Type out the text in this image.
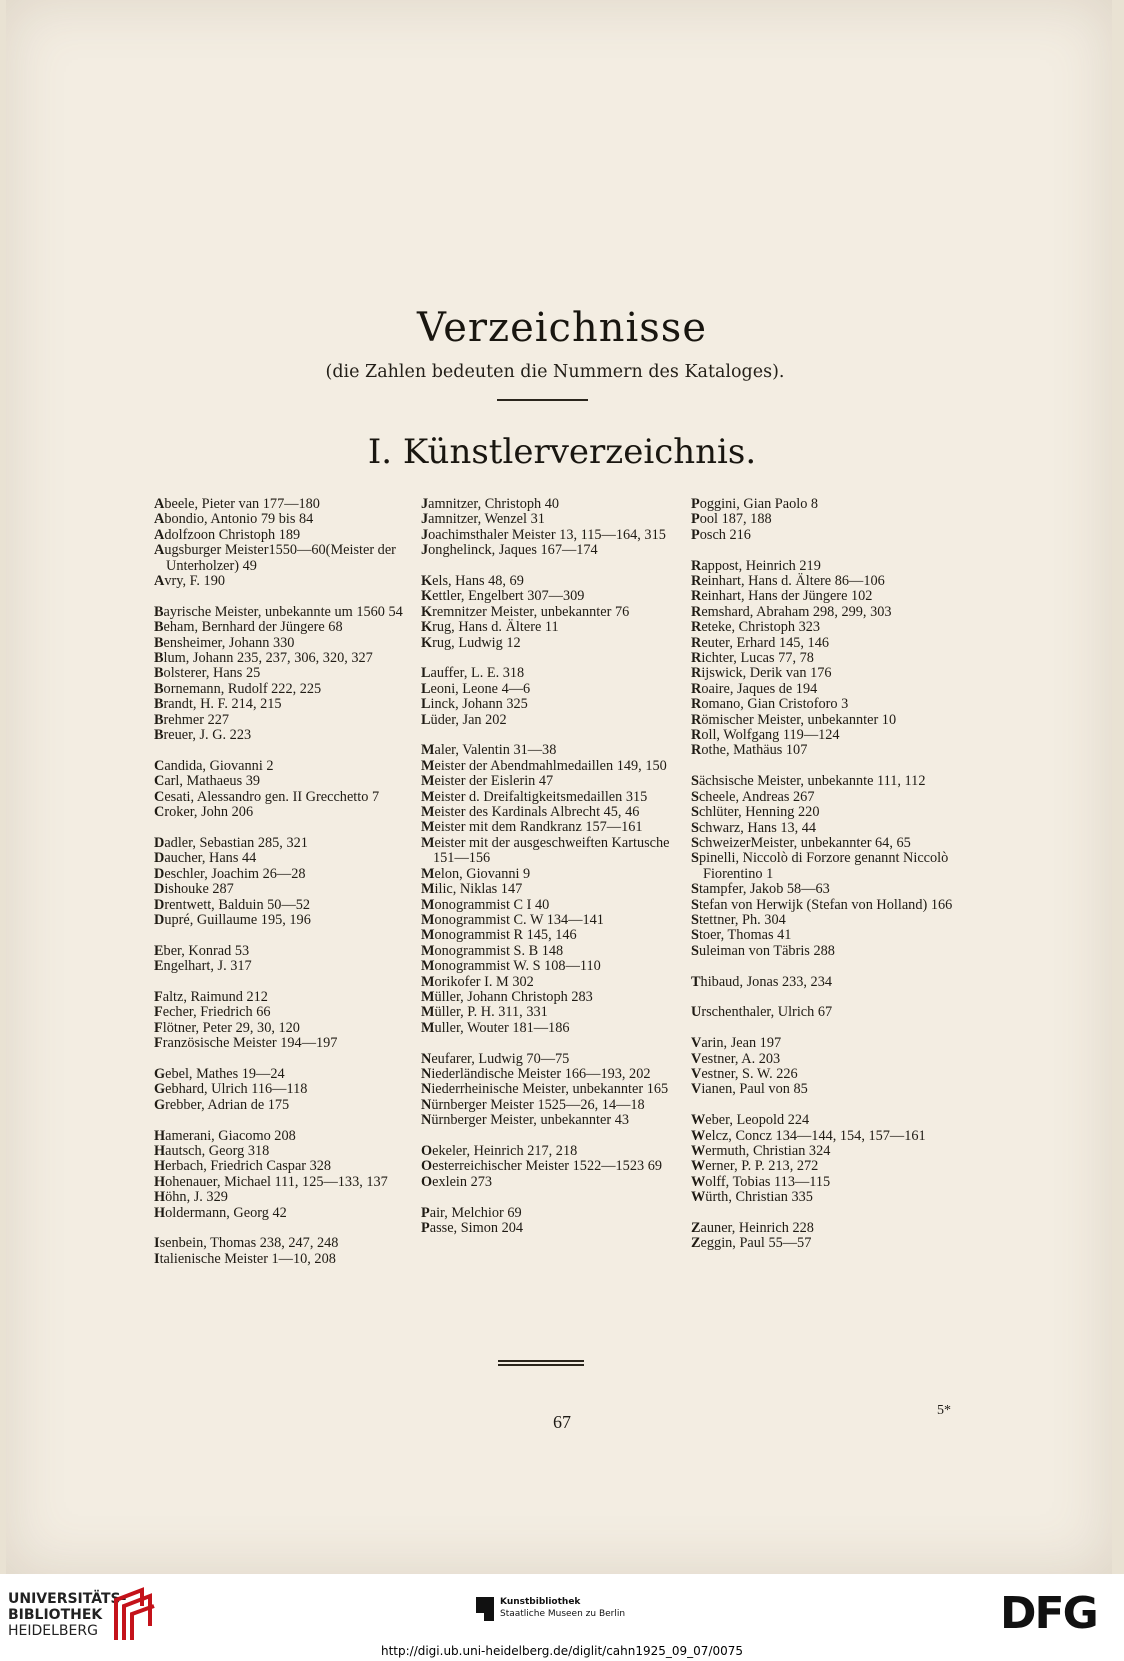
Verzeichnisse
(die Zahlen bedeuten die Nummern des Kataloges).
I. Künstlerverzeichnis.
Abeele, Pieter van 177—180
Abondio, Antonio 79 bis 84
Adolfzoon Christoph 189
Augsburger Meister1550—60(Meister der Unterholzer) 49
Avry, F. 190
Bayrische Meister, unbekannte um 1560 54
Beham, Bernhard der Jüngere 68
Bensheimer, Johann 330
Blum, Johann 235, 237, 306, 320, 327
Bolsterer, Hans 25
Bornemann, Rudolf 222, 225
Brandt, H. F. 214, 215
Brehmer 227
Breuer, J. G. 223
Candida, Giovanni 2
Carl, Mathaeus 39
Cesati, Alessandro gen. II Grecchetto 7
Croker, John 206
Dadler, Sebastian 285, 321
Daucher, Hans 44
Deschler, Joachim 26—28
Dishouke 287
Drentwett, Balduin 50—52
Dupré, Guillaume 195, 196
Eber, Konrad 53
Engelhart, J. 317
Faltz, Raimund 212
Fecher, Friedrich 66
Flötner, Peter 29, 30, 120
Französische Meister 194—197
Gebel, Mathes 19—24
Gebhard, Ulrich 116—118
Grebber, Adrian de 175
Hamerani, Giacomo 208
Hautsch, Georg 318
Herbach, Friedrich Caspar 328
Hohenauer, Michael 111, 125—133, 137
Höhn, J. 329
Holdermann, Georg 42
Isenbein, Thomas 238, 247, 248
Italienische Meister 1—10, 208
Jamnitzer, Christoph 40
Jamnitzer, Wenzel 31
Joachimsthaler Meister 13, 115—164, 315
Jonghelinck, Jaques 167—174
Kels, Hans 48, 69
Kettler, Engelbert 307—309
Kremnitzer Meister, unbekannter 76
Krug, Hans d. Ältere 11
Krug, Ludwig 12
Lauffer, L. E. 318
Leoni, Leone 4—6
Linck, Johann 325
Lüder, Jan 202
Maler, Valentin 31—38
Meister der Abendmahlmedaillen 149, 150
Meister der Eislerin 47
Meister d. Dreifaltigkeitsmedaillen 315
Meister des Kardinals Albrecht 45, 46
Meister mit dem Randkranz 157—161
Meister mit der ausgeschweiften Kartusche 151—156
Melon, Giovanni 9
Milic, Niklas 147
Monogrammist C I 40
Monogrammist C. W 134—141
Monogrammist R 145, 146
Monogrammist S. B 148
Monogrammist W. S 108—110
Morikofer I. M 302
Müller, Johann Christoph 283
Müller, P. H. 311, 331
Muller, Wouter 181—186
Neufarer, Ludwig 70—75
Niederländische Meister 166—193, 202
Niederrheinische Meister, unbekannter 165
Nürnberger Meister 1525—26, 14—18
Nürnberger Meister, unbekannter 43
Oekeler, Heinrich 217, 218
Oesterreichischer Meister 1522—1523 69
Oexlein 273
Pair, Melchior 69
Passe, Simon 204
Poggini, Gian Paolo 8
Pool 187, 188
Posch 216
Rappost, Heinrich 219
Reinhart, Hans d. Ältere 86—106
Reinhart, Hans der Jüngere 102
Remshard, Abraham 298, 299, 303
Reteke, Christoph 323
Reuter, Erhard 145, 146
Richter, Lucas 77, 78
Rijswick, Derik van 176
Roaire, Jaques de 194
Romano, Gian Cristoforo 3
Römischer Meister, unbekannter 10
Roll, Wolfgang 119—124
Rothe, Mathäus 107
Sächsische Meister, unbekannte 111, 112
Scheele, Andreas 267
Schlüter, Henning 220
Schwarz, Hans 13, 44
SchweizerMeister, unbekannter 64, 65
Spinelli, Niccolò di Forzore genannt Niccolò Fiorentino 1
Stampfer, Jakob 58—63
Stefan von Herwijk (Stefan von Holland) 166
Stettner, Ph. 304
Stoer, Thomas 41
Suleiman von Täbris 288
Thibaud, Jonas 233, 234
Urschenthaler, Ulrich 67
Varin, Jean 197
Vestner, A. 203
Vestner, S. W. 226
Vianen, Paul von 85
Weber, Leopold 224
Welcz, Concz 134—144, 154, 157—161
Wermuth, Christian 324
Werner, P. P. 213, 272
Wolff, Tobias 113—115
Würth, Christian 335
Zauner, Heinrich 228
Zeggin, Paul 55—57
67
5*
UNIVERSITÄTS-
BIBLIOTHEK
HEIDELBERG
Kunstbibliothek
Staatliche Museen zu Berlin	DFG
http://digi.ub.uni-heidelberg.de/diglit/cahn1925_09_07/0075
